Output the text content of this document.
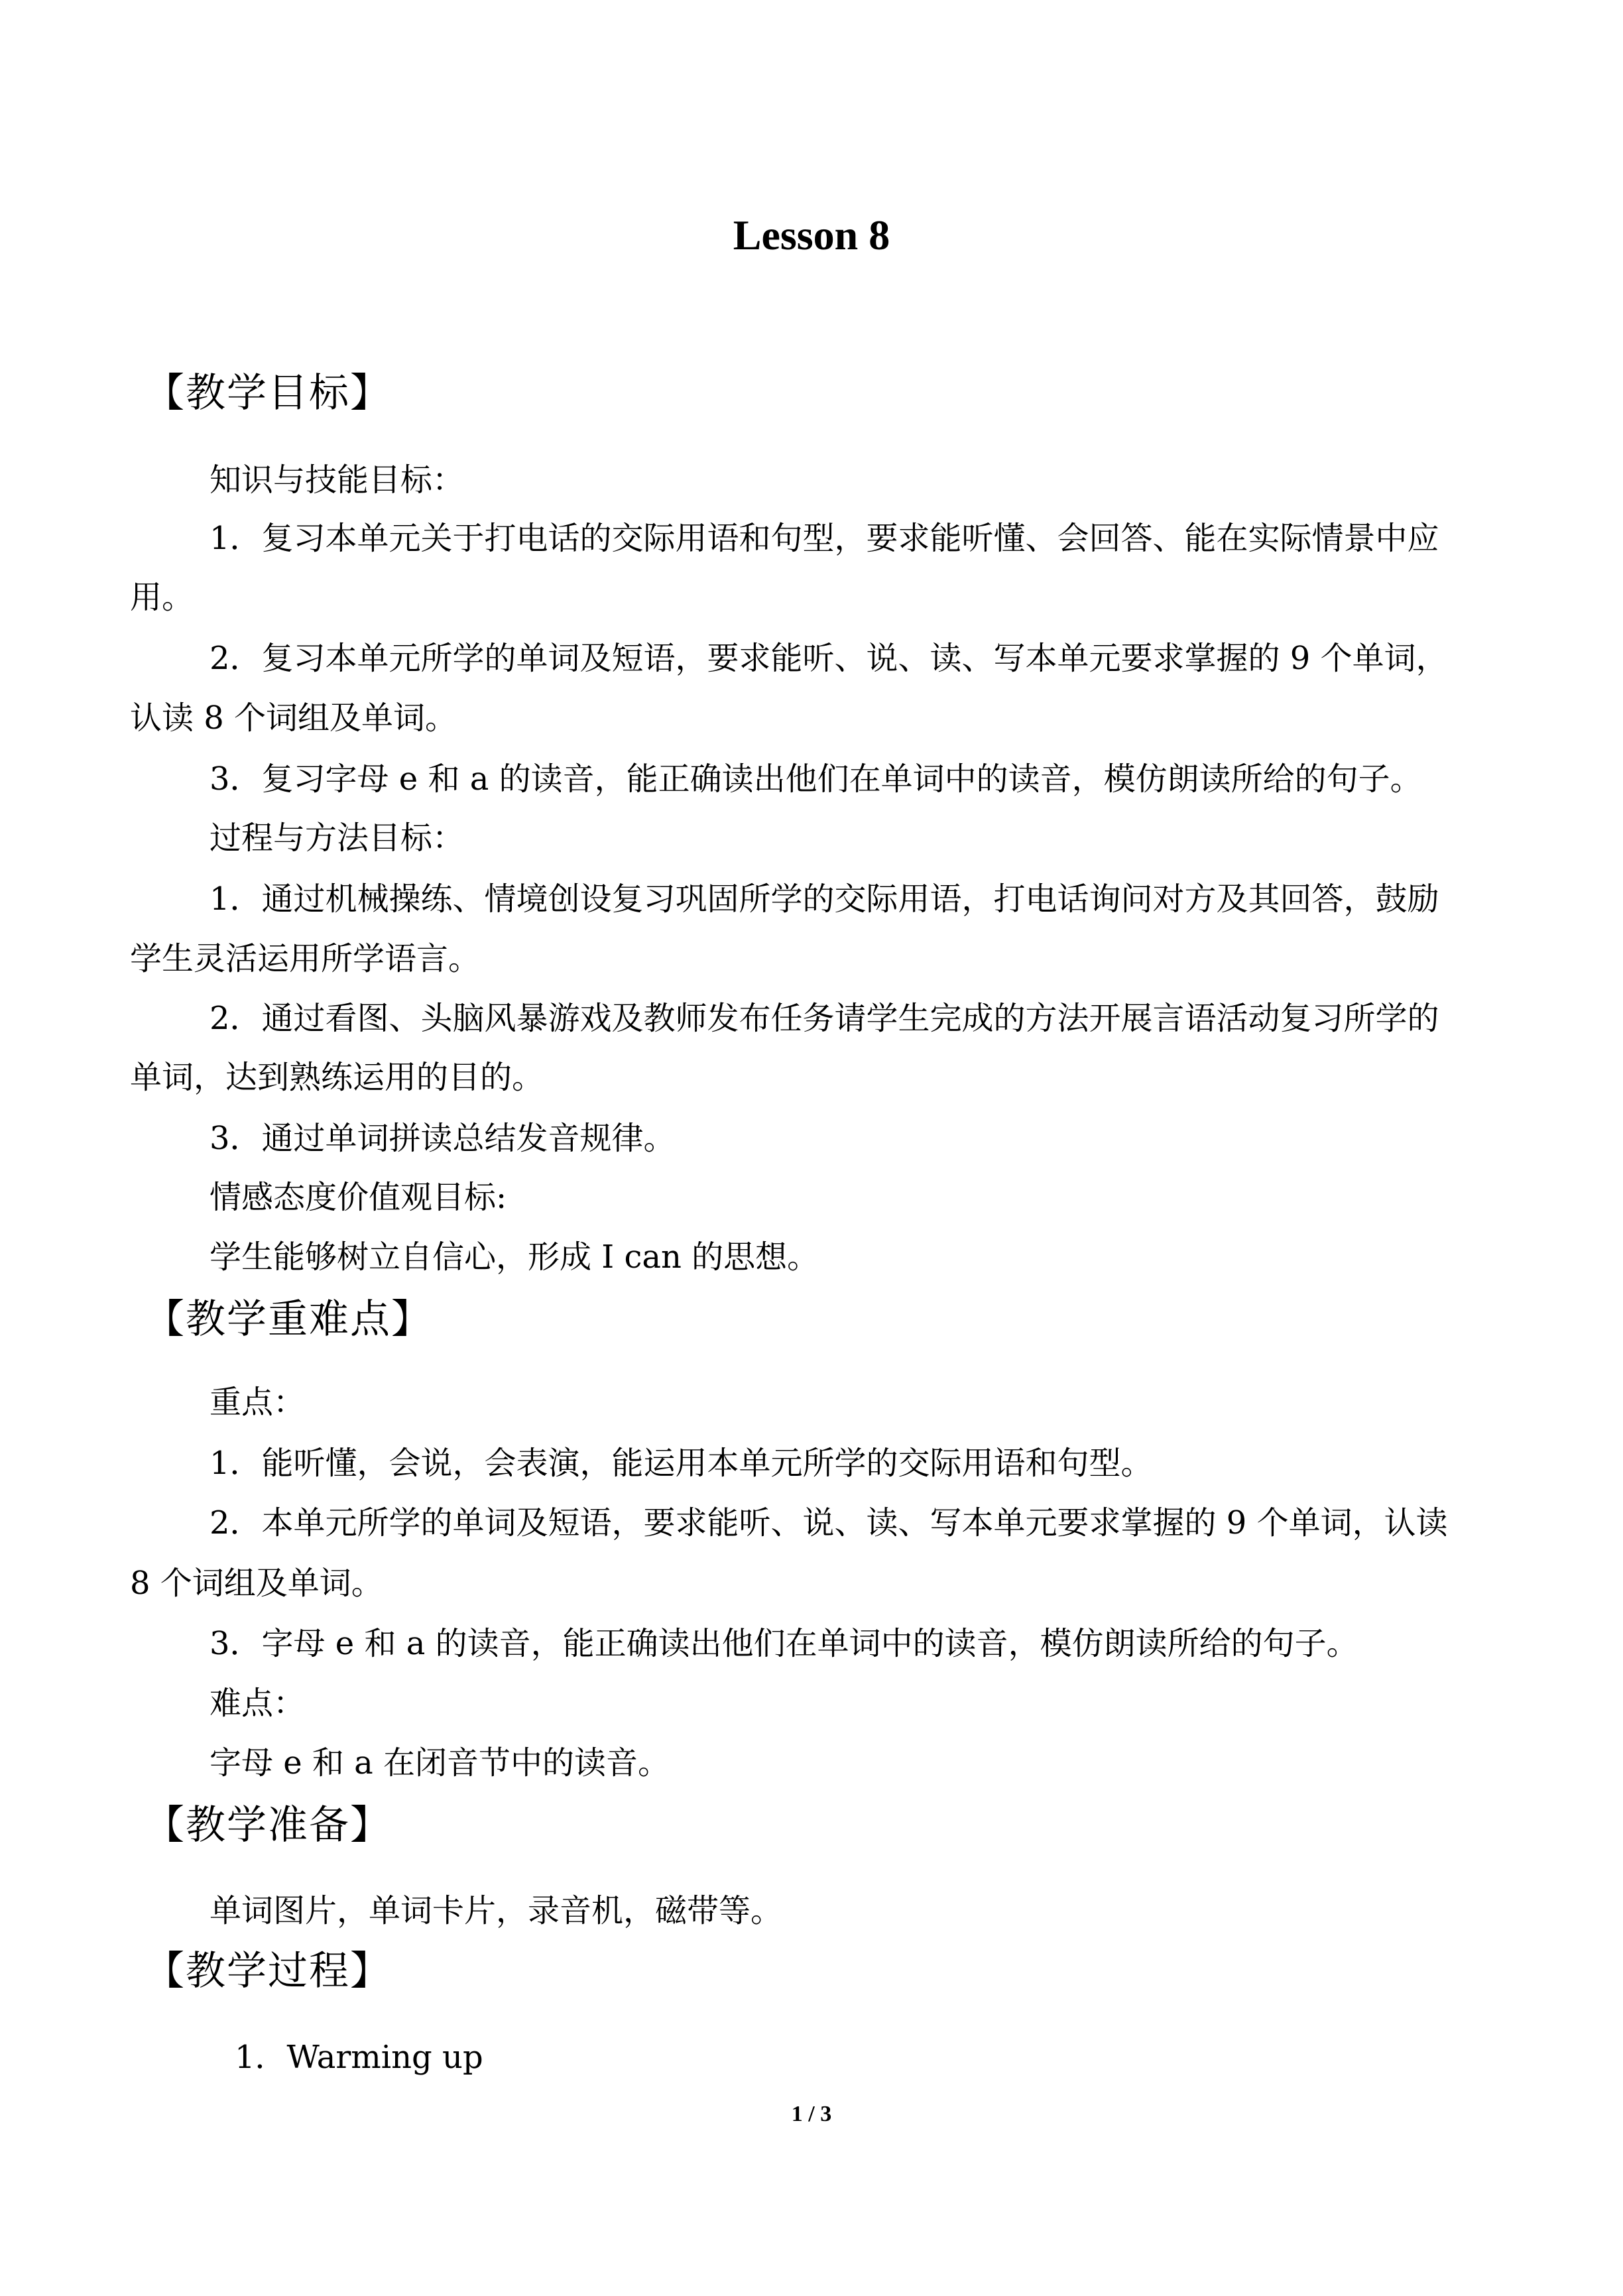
Lesson 8
【教学目标】
知识与技能目标：
1．复习本单元关于打电话的交际用语和句型，要求能听懂、会回答、能在实际情景中应
用。
2．复习本单元所学的单词及短语，要求能听、说、读、写本单元要求掌握的 9 个单词，
认读 8 个词组及单词。
3．复习字母 e 和 a 的读音，能正确读出他们在单词中的读音，模仿朗读所给的句子。
过程与方法目标：
1．通过机械操练、情境创设复习巩固所学的交际用语，打电话询问对方及其回答，鼓励
学生灵活运用所学语言。
2．通过看图、头脑风暴游戏及教师发布任务请学生完成的方法开展言语活动复习所学的
单词，达到熟练运用的目的。
3．通过单词拼读总结发音规律。
情感态度价值观目标:
学生能够树立自信心，形成 I can 的思想。
【教学重难点】
重点：
1．能听懂，会说，会表演，能运用本单元所学的交际用语和句型。
2．本单元所学的单词及短语，要求能听、说、读、写本单元要求掌握的 9 个单词，认读
8 个词组及单词。
3．字母 e 和 a 的读音，能正确读出他们在单词中的读音，模仿朗读所给的句子。
难点：
字母 e 和 a 在闭音节中的读音。
【教学准备】
单词图片，单词卡片，录音机，磁带等。
【教学过程】
1．Warming up
1 / 3
